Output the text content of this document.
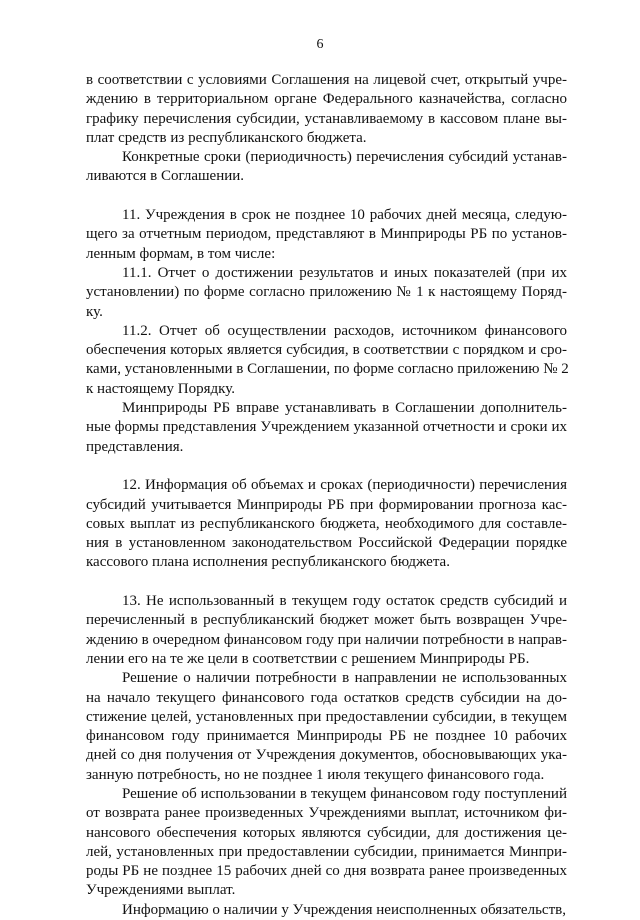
6
в соответствии с условиями Соглашения на лицевой счет, открытый учре-
ждению в территориальном органе Федерального казначейства, согласно
графику перечисления субсидии, устанавливаемому в кассовом плане вы-
плат средств из республиканского бюджета.
Конкретные сроки (периодичность) перечисления субсидий устанав-
ливаются в Соглашении.
11. Учреждения в срок не позднее 10 рабочих дней месяца, следую-
щего за отчетным периодом, представляют в Минприроды РБ по установ-
ленным формам, в том числе:
11.1. Отчет о достижении результатов и иных показателей (при их
установлении) по форме согласно приложению № 1 к настоящему Поряд-
ку.
11.2. Отчет об осуществлении расходов, источником финансового
обеспечения которых является субсидия, в соответствии с порядком и сро-
ками, установленными в Соглашении, по форме согласно приложению № 2
к настоящему Порядку.
Минприроды РБ вправе устанавливать в Соглашении дополнитель-
ные формы представления Учреждением указанной отчетности и сроки их
представления.
12. Информация об объемах и сроках (периодичности) перечисления
субсидий учитывается Минприроды РБ при формировании прогноза кас-
совых выплат из республиканского бюджета, необходимого для составле-
ния в установленном законодательством Российской Федерации порядке
кассового плана исполнения республиканского бюджета.
13. Не использованный в текущем году остаток средств субсидий и
перечисленный в республиканский бюджет может быть возвращен Учре-
ждению в очередном финансовом году при наличии потребности в направ-
лении его на те же цели в соответствии с решением Минприроды РБ.
Решение о наличии потребности в направлении не использованных
на начало текущего финансового года остатков средств субсидии на до-
стижение целей, установленных при предоставлении субсидии, в текущем
финансовом году принимается Минприроды РБ не позднее 10 рабочих
дней со дня получения от Учреждения документов, обосновывающих ука-
занную потребность, но не позднее 1 июля текущего финансового года.
Решение об использовании в текущем финансовом году поступлений
от возврата ранее произведенных Учреждениями выплат, источником фи-
нансового обеспечения которых являются субсидии, для достижения це-
лей, установленных при предоставлении субсидии, принимается Минпри-
роды РБ не позднее 15 рабочих дней со дня возврата ранее произведенных
Учреждениями выплат.
Информацию о наличии у Учреждения неисполненных обязательств,
